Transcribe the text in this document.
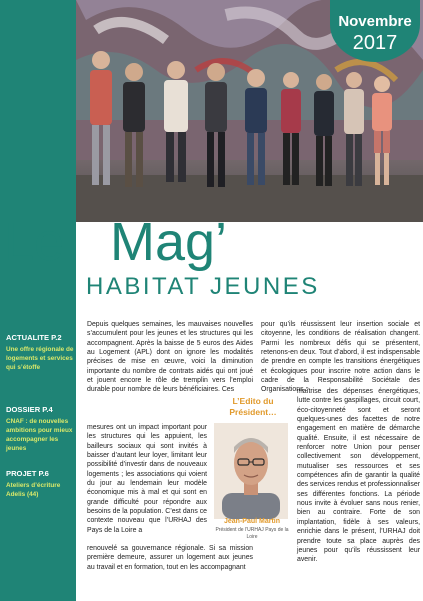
Novembre
2017
Le Mag’
HABITAT JEUNES
ACTUALITE P.2
Une offre régionale de logements et services qui s’étoffe
DOSSIER P.4
CNAF : de nouvelles ambitions pour mieux accompagner les jeunes
PROJET P.6
Ateliers d’écriture Adelis (44)
Depuis quelques semaines, les mauvaises nouvelles s’accumulent pour les jeunes et les structures qui les accompagnent. Après la baisse de 5 euros des Aides au Logement (APL) dont on ignore les modalités précises de mise en œuvre, voici la diminution importante du nombre de contrats aidés qui ont joué et jouent encore le rôle de tremplin vers l’emploi durable pour nombre de leurs bénéficiaires. Ces
mesures ont un impact important pour les structures qui les appuient, les bailleurs sociaux qui sont invités à baisser d’autant leur loyer, limitant leur possibilité d’investir dans de nouveaux logements ; les associations qui voient du jour au lendemain leur modèle économique mis à mal et qui sont en grande difficulté pour répondre aux besoins de la population. C’est dans ce contexte nouveau que l’URHAJ des Pays de la Loire a
renouvelé sa gouvernance régionale. Si sa mission première demeure, assurer un logement aux jeunes au travail et en formation, tout en les accompagnant
pour qu’ils réussissent leur insertion sociale et citoyenne, les conditions de réalisation changent. Parmi les nombreux défis qui se présentent, retenons-en deux. Tout d’abord, il est indispensable de prendre en compte les transitions énergétiques et écologiques pour inscrire notre action dans le cadre de la Responsabilité Sociétale des Organisations :
maîtrise des dépenses énergétiques, lutte contre les gaspillages, circuit court, éco-citoyenneté sont et seront quelques-unes des facettes de notre engagement en matière de démarche qualité. Ensuite, il est nécessaire de renforcer notre Union pour penser collectivement son développement, mutualiser ses ressources et ses compétences afin de garantir la qualité des services rendus et professionnaliser ses différentes fonctions. La période nous invite à évoluer sans nous renier, bien au contraire. Forte de son implantation, fidèle à ses valeurs, enrichie dans le présent, l’URHAJ doit prendre toute sa place auprès des jeunes pour qu’ils réussissent leur avenir.
L’Edito du Président…
Jean-Paul Martin
Président de l’URHAJ Pays de la Loire
